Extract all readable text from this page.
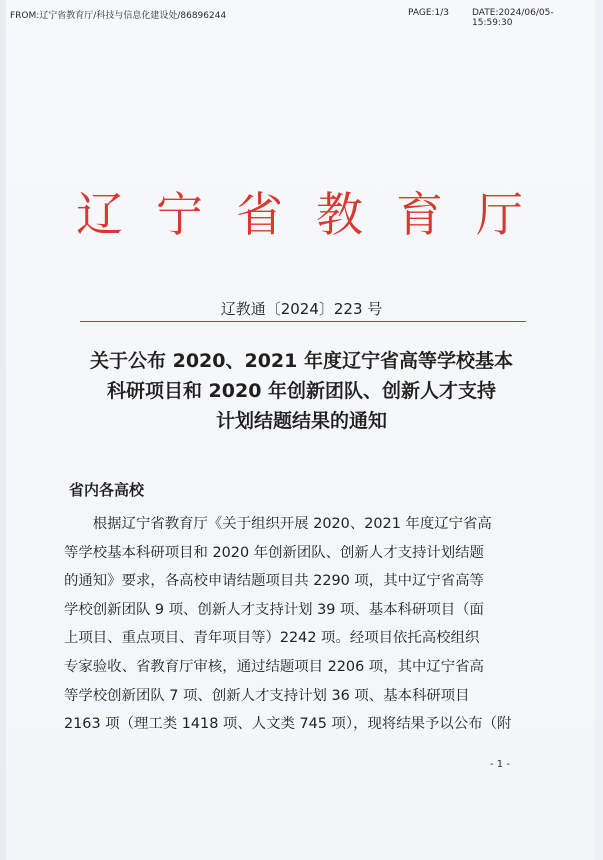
FROM:辽宁省教育厅/科技与信息化建设处/86896244	PAGE:1/3	DATE:2024/06/05-15:59:30
辽宁省教育厅
辽教通〔2024〕223 号
关于公布 2020、2021 年度辽宁省高等学校基本
科研项目和 2020 年创新团队、创新人才支持
计划结题结果的通知
省内各高校
　　根据辽宁省教育厅《关于组织开展 2020、2021 年度辽宁省高
等学校基本科研项目和 2020 年创新团队、创新人才支持计划结题
的通知》要求，各高校申请结题项目共 2290 项，其中辽宁省高等
学校创新团队 9 项、创新人才支持计划 39 项、基本科研项目（面
上项目、重点项目、青年项目等）2242 项。经项目依托高校组织
专家验收、省教育厅审核，通过结题项目 2206 项，其中辽宁省高
等学校创新团队 7 项、创新人才支持计划 36 项、基本科研项目
2163 项（理工类 1418 项、人文类 745 项），现将结果予以公布（附
- 1 -
